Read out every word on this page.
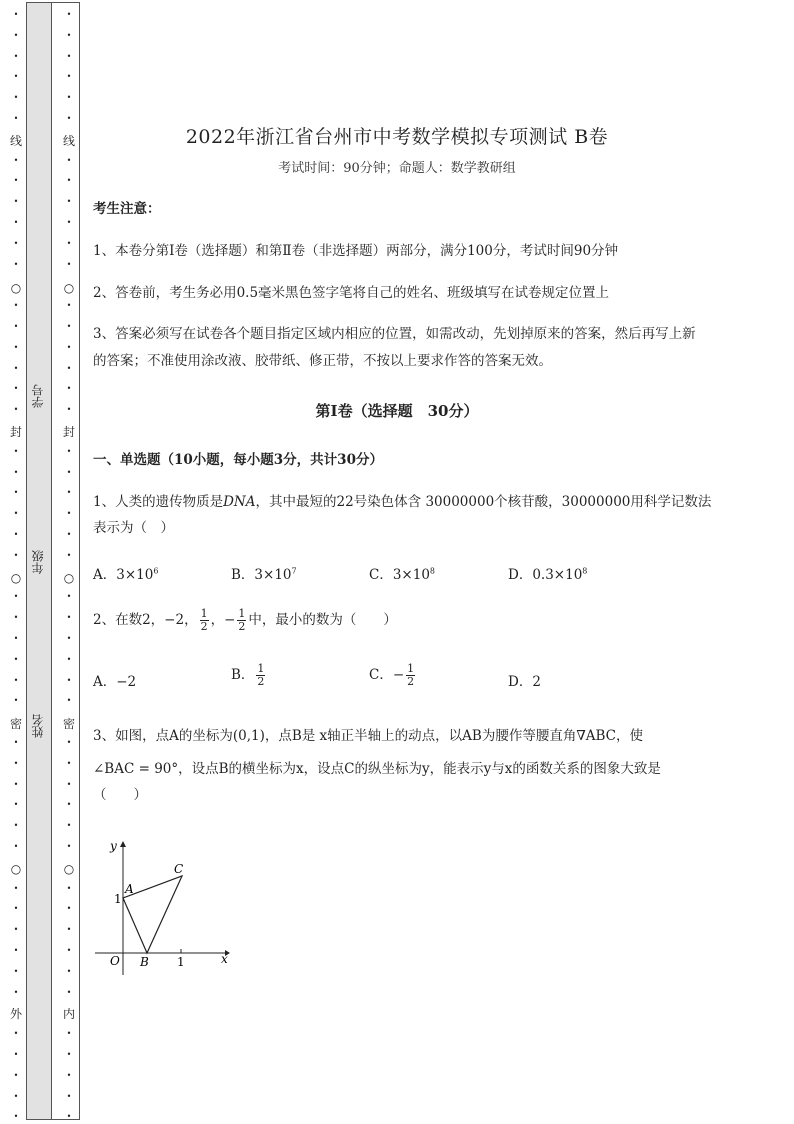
•
•
•
•
•
•
•
•
•
•
•
•
•
•
•
•
•
•
•
•
•
•
•
•
•
•
•
•
•
•
•
•
•
•
•
•
•
•
•
•
•
•
•
•
•
•
•
○
○
○
•
•
•
•
•
•
•
•
•
•
•
•
•
•
•
•
•
•
•
•
•
•
•
•
•
•
•
•
•
•
•
•
•
•
•
•
•
•
•
•
•
•
•
•
•
•
•
○
○
○
线
封
密
外
线
封
密
内
学号
年级
姓名
2022年浙江省台州市中考数学模拟专项测试 B卷
考试时间：90分钟；命题人：数学教研组
考生注意：
1、本卷分第I卷（选择题）和第Ⅱ卷（非选择题）两部分，满分100分，考试时间90分钟
2、答卷前，考生务必用0.5毫米黑色签字笔将自己的姓名、班级填写在试卷规定位置上
3、答案必须写在试卷各个题目指定区域内相应的位置，如需改动，先划掉原来的答案，然后再写上新
的答案；不准使用涂改液、胶带纸、修正带，不按以上要求作答的答案无效。
第I卷（选择题　30分）
一、单选题（10小题，每小题3分，共计30分）
1、人类的遗传物质是DNA，其中最短的22号染色体含 30000000个核苷酸，30000000用科学记数法
表示为（　）
A．$3\times 10^6$	B．$3\times 10^7$	C．$3\times 10^8$	D．$0.3\times 10^8$
2、在数2，−2， $\frac{1}{2}$ ，− $\frac{1}{2}$ 中，最小的数为（　　）
A．−2	B． $\frac{1}{2}$	C．− $\frac{1}{2}$	D．2
3、如图，点A的坐标为(0,1)，点B是 x轴正半轴上的动点，以AB为腰作等腰直角∇ABC，使
∠BAC = 90°，设点B的横坐标为x，设点C的纵坐标为y，能表示y与x的函数关系的图象大致是
（　　）
y
x
O
A
B
C
1
1
